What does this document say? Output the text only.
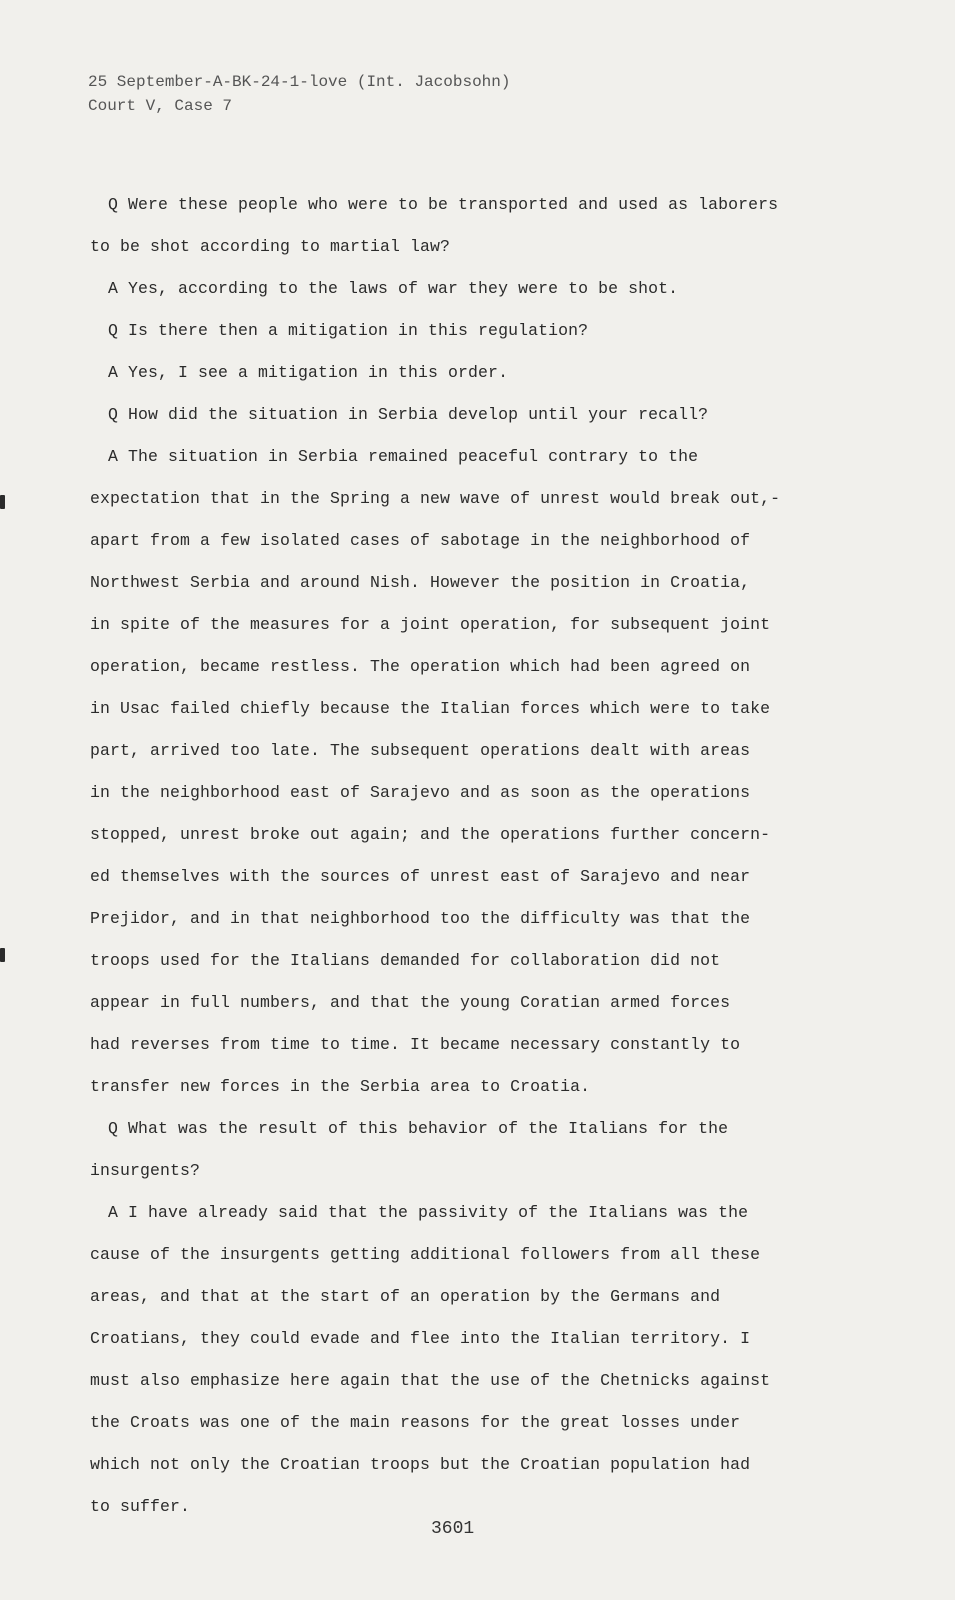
25 September-A-BK-24-1-love (Int. Jacobsohn)
Court V, Case 7
Q Were these people who were to be transported and used as laborers
to be shot according to martial law?
A Yes, according to the laws of war they were to be shot.
Q Is there then a mitigation in this regulation?
A Yes, I see a mitigation in this order.
Q How did the situation in Serbia develop until your recall?
A The situation in Serbia remained peaceful contrary to the
expectation that in the Spring a new wave of unrest would break out,-
apart from a few isolated cases of sabotage in the neighborhood of
Northwest Serbia and around Nish. However the position in Croatia,
in spite of the measures for a joint operation, for subsequent joint
operation, became restless. The operation which had been agreed on
in Usac failed chiefly because the Italian forces which were to take
part, arrived too late. The subsequent operations dealt with areas
in the neighborhood east of Sarajevo and as soon as the operations
stopped, unrest broke out again; and the operations further concern-
ed themselves with the sources of unrest east of Sarajevo and near
Prejidor, and in that neighborhood too the difficulty was that the
troops used for the Italians demanded for collaboration did not
appear in full numbers, and that the young Coratian armed forces
had reverses from time to time. It became necessary constantly to
transfer new forces in the Serbia area to Croatia.
Q What was the result of this behavior of the Italians for the
insurgents?
A I have already said that the passivity of the Italians was the
cause of the insurgents getting additional followers from all these
areas, and that at the start of an operation by the Germans and
Croatians, they could evade and flee into the Italian territory. I
must also emphasize here again that the use of the Chetnicks against
the Croats was one of the main reasons for the great losses under
which not only the Croatian troops but the Croatian population had
to suffer.
3601
